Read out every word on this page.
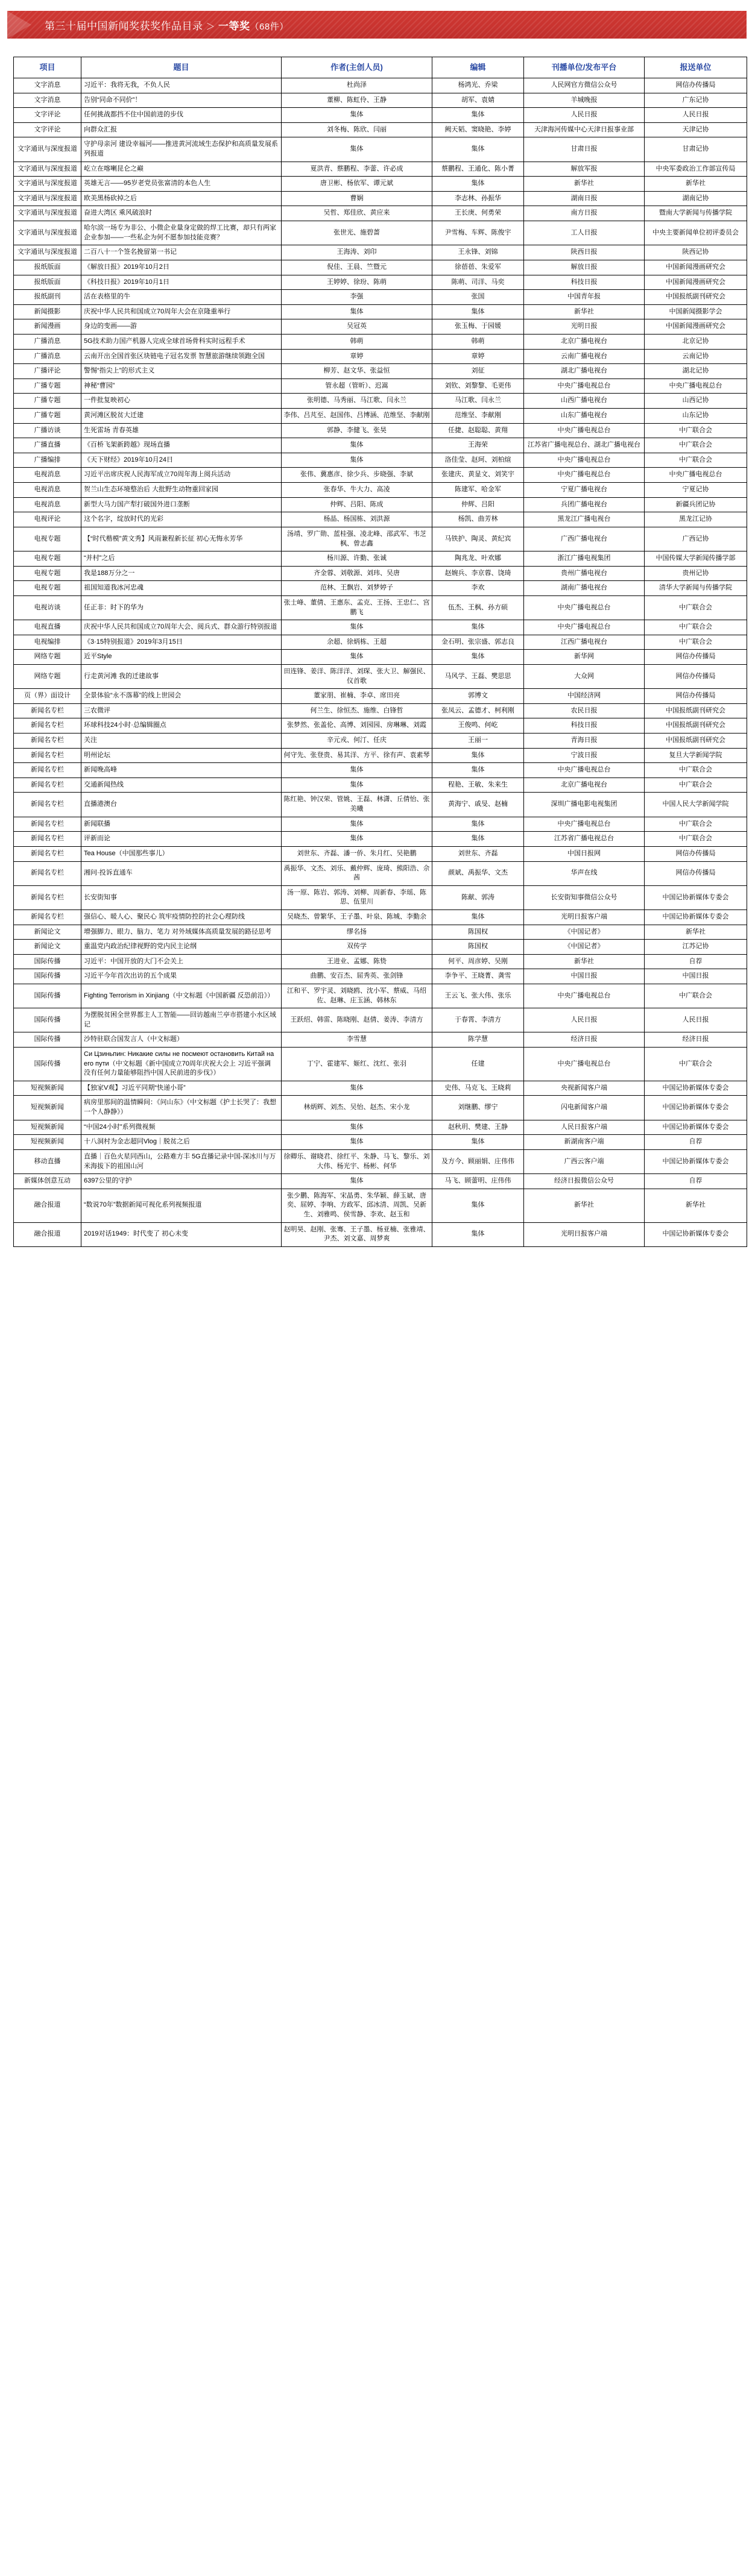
第三十届中国新闻奖获奖作品目录 ＞ 一等奖（68件）
项目	题目	作者(主创人员)	编辑	刊播单位/发布平台	报送单位
文字消息	习近平：我将无我，不负人民	杜尚泽	杨鸿光、乔梁	人民网官方微信公众号	网信办传播局
文字消息	告别“同命不同价”！	董柳、陈虹伶、王静	胡军、袁婧	羊城晚报	广东记协
文字评论	任何挑战都挡不住中国前进的步伐	集体	集体	人民日报	人民日报
文字评论	向群众汇报	刘冬梅、陈欣、闫丽	阙天韬、窦晓艳、李婷	天津海河传媒中心天津日报事业部	天津记协
文字通讯与深度报道	守护母亲河 建设幸福河——推进黄河流域生态保护和高质量发展系列报道	集体	集体	甘肃日报	甘肃记协
文字通讯与深度报道	屹立在喀喇昆仑之巅	夏洪青、蔡鹏程、李蕾、许必成	蔡鹏程、王通化、陈小菁	解放军报	中央军委政治工作部宣传局
文字通讯与深度报道	英雄无言——95岁老党员张富清的本色人生	唐卫彬、杨依军、谭元斌	集体	新华社	新华社
文字通讯与深度报道	欧美黑杨砍掉之后	曹娴	李志林、孙振华	湖南日报	湖南记协
文字通讯与深度报道	奋进大湾区 乘风破浪时	吴哲、郑佳欣、黄应来	王长庚、何勇荣	南方日报	暨南大学新闻与传播学院
文字通讯与深度报道	哈尔滨一场专为非公、小微企业量身定做的焊工比赛，却只有两家企业参加——一些私企为何不愿参加技能竞赛？	张世光、施碧蔷	尹雪梅、车辉、陈俊宇	工人日报	中央主要新闻单位初评委员会
文字通讯与深度报道	二百八十一个签名挽留第一书记	王海涛、刘印	王永锋、刘锦	陕西日报	陕西记协
报纸版面	《解放日报》2019年10月2日	倪佳、王晨、竺暨元	徐蓓蓓、朱爱军	解放日报	中国新闻漫画研究会
报纸版面	《科技日报》2019年10月1日	王婷婷、徐玢、陈萌	陈萌、司洋、马奕	科技日报	中国新闻漫画研究会
报纸副刊	活在表格里的牛	李强	张国	中国青年报	中国报纸副刊研究会
新闻摄影	庆祝中华人民共和国成立70周年大会在京隆重举行	集体	集体	新华社	中国新闻摄影学会
新闻漫画	身边的变画——游	吴冠英	张玉梅、于园媛	光明日报	中国新闻漫画研究会
广播消息	5G技术助力国产机器人完成全球首场骨科实时远程手术	韩萌	韩萌	北京广播电视台	北京记协
广播消息	云南开出全国首张区块链电子冠名发票 智慧旅游继续领跑全国	章婷	章婷	云南广播电视台	云南记协
广播评论	警惕“指尖上”的形式主义	柳芳、赵文华、张益恒	刘征	湖北广播电视台	湖北记协
广播专题	神秘“曹园”	管永超（管昕）、迟嵩	刘钦、刘黎黎、毛更伟	中央广播电视总台	中央广播电视总台
广播专题	一件批复映初心	张明德、马秀丽、马江歌、闫永兰	马江歌、闫永兰	山西广播电视台	山西记协
广播专题	黄河滩区脱贫大迁建	李伟、吕芃至、赵国伟、吕博涵、范维坚、李献刚	范维坚、李献刚	山东广播电视台	山东记协
广播访谈	生死雷场 青春英雄	郭静、李健飞、张昊	任捷、赵聪聪、黄翔	中央广播电视总台	中广联合会
广播直播	《百桥飞架新跨越》现场直播	集体	王海荣	江苏省广播电视总台、湖北广播电视台	中广联合会
广播编排	《天下财经》2019年10月24日	集体	洛佳莹、赵珂、刘柏煊	中央广播电视总台	中广联合会
电视消息	习近平出席庆祝人民海军成立70周年海上阅兵活动	张伟、冀惠彦、徐少兵、步晓强、李斌	张建庆、黄显文、刘笑宇	中央广播电视总台	中央广播电视总台
电视消息	贺兰山生态环境整治后 大批野生动物重回家园	张春华、牛大力、高凌	陈建军、哈金军	宁夏广播电视台	宁夏记协
电视消息	新型大马力国产犁打破国外进口垄断	仲辉、吕阳、陈成	仲辉、吕阳	兵团广播电视台	新疆兵团记协
电视评论	这个名字，绽放时代的光彩	杨晶、杨国栋、刘洪源	杨凯、曲芳林	黑龙江广播电视台	黑龙江记协
电视专题	【“时代楷模”黄文秀】风雨兼程新长征 初心无悔永芳华	汤靖、罗广勋、蓝桂强、凌北峰、邵武军、韦芝枫、曾志鑫	马铁护、陶灵、黄纪宾	广西广播电视台	广西记协
电视专题	“并村”之后	杨川源、许勤、张诚	陶兆龙、叶欢娜	浙江广播电视集团	中国传媒大学新闻传播学部
电视专题	我是188万分之一	齐金蓉、刘敬源、刘玮、吴唐	赵婉兵、李京蓉、饶琦	贵州广播电视台	贵州记协
电视专题	祖国知道我冰河忠魂	范林、王飘岩、刘梦婷子	李欢	湖南广播电视台	清华大学新闻与传播学院
电视访谈	任正非：时下的华为	张士峰、董倩、王惠东、孟克、王扬、王忠仁、宫鹏飞	伍杰、王枫、孙方硕	中央广播电视总台	中广联合会
电视直播	庆祝中华人民共和国成立70周年大会、阅兵式、群众游行特别报道	集体	集体	中央广播电视总台	中广联合会
电视编排	《3·15特别报道》2019年3月15日	余超、徐炳栋、王超	金石明、张宗盛、郭志良	江西广播电视台	中广联合会
网络专题	近平Style	集体	集体	新华网	网信办传播局
网络专题	行走黄河滩 我的迁建故事	田连锋、姜洋、陈洋洋、刘琛、张大卫、解强民、仪首歌	马风学、王磊、樊思思	大众网	网信办传播局
页（界）面设计	全景体验“永不落幕”的线上世园会	董家朋、崔楠、李卓、席田亮	郭博文	中国经济网	网信办传播局
新闻名专栏	三农微评	何兰生、徐恒杰、施维、白锋哲	张凤云、孟德才、柯利刚	农民日报	中国报纸副刊研究会
新闻名专栏	环球科技24小时·总编辑圈点	张梦然、张盖伦、高博、刘园园、房琳琳、刘霞	王俊鸣、何屹	科技日报	中国报纸副刊研究会
新闻名专栏	关注	辛元戎、何汀、任庆	王丽一	青海日报	中国报纸副刊研究会
新闻名专栏	明州论坛	何守先、张登贵、易其洋、方平、徐有声、袁素琴	集体	宁波日报	复旦大学新闻学院
新闻名专栏	新闻晚高峰	集体	集体	中央广播电视总台	中广联合会
新闻名专栏	交通新闻热线	集体	程艳、王敏、朱来生	北京广播电视台	中广联合会
新闻名专栏	直播港澳台	陈红艳、钟汉荣、管姚、王磊、林潇、丘倩怡、张美曦	黄海宁、戚旻、赵楠	深圳广播电影电视集团	中国人民大学新闻学院
新闻名专栏	新闻联播	集体	集体	中央广播电视总台	中广联合会
新闻名专栏	评新而论	集体	集体	江苏省广播电视总台	中广联合会
新闻名专栏	Tea House（中国那些事儿）	刘世东、齐磊、潘一侨、朱月红、吴艳鹏	刘世东、齐磊	中国日报网	网信办传播局
新闻名专栏	湘问·投诉直通车	禹振华、文杰、刘乐、戴仲辉、庞琦、熊阳浩、佘茜	颜斌、禹振华、文杰	华声在线	网信办传播局
新闻名专栏	长安街知事	汤一原、陈岩、郭涛、刘柳、周新春、李瑶、陈思、伍里川	陈献、郭涛	长安街知事微信公众号	中国记协新媒体专委会
新闻名专栏	强信心、暖人心、聚民心 筑牢疫情防控的社会心理防线	吴晓杰、曾繁华、王子墨、叶泉、陈城、李勤余	集体	光明日报客户端	中国记协新媒体专委会
新闻论文	增强脚力、眼力、脑力、笔力 对外域媒体高质量发展的路径思考	缪名扬	陈国权	《中国记者》	新华社
新闻论文	重温党内政治纪律视野的党内民主论纲	双传学	陈国权	《中国记者》	江苏记协
国际传播	习近平：中国开放的大门不会关上	王进业、孟娜、陈贽	何平、周彦婷、吴刚	新华社	自荐
国际传播	习近平今年首次出访的五个成果	曲鹏、安百杰、屈秀英、张剑锋	李争平、王晓菁、龚雪	中国日报	中国日报
国际传播	Fighting Terrorism in Xinjiang（中文标题《中国新疆 反恐前沿》）	江和平、罗宇灵、刘晓鸥、沈小军、蔡威、马绍佐、赵琳、庄玉涵、韩林东	王云飞、张大伟、张乐	中央广播电视总台	中广联合会
国际传播	为摆脱贫困全世界都主人工智能——回访越南兰亭市搭建小水区域记	王跃绍、韩雷、陈晓刚、赵倩、姜涛、李清方	于春霄、李清方	人民日报	人民日报
国际传播	沙特驻联合国发言人（中文标题）	李雪慧	陈学慧	经济日报	经济日报
国际传播	Си Цзиньпин: Никакие силы не посмеют остановить Китай на его пути（中文标题《新中国成立70周年庆祝大会上 习近平强调 没有任何力量能够阻挡中国人民前进的步伐》）	丁宁、霍建军、姬红、沈红、张羽	任建	中央广播电视总台	中广联合会
短视频新闻	【独家V观】习近平同期“快递小哥”	集体	史伟、马克飞、王晓莉	央视新闻客户端	中国记协新媒体专委会
短视频新闻	病房里那间的温情瞬间：《问山东》（中文标题《护士长哭了：我想一个人静静》）	林炳辉、刘杰、吴怡、赵杰、宋小龙	刘继鹏、缪宁	闪电新闻客户端	中国记协新媒体专委会
短视频新闻	“中国24小时”系列微视频	集体	赵秋玥、樊建、王静	人民日报客户端	中国记协新媒体专委会
短视频新闻	十八洞村为金志超同Vlog｜脱贫之后	集体	集体	新湖南客户端	自荐
移动直播	直播｜百色火星同西山，公路难方丰 5G直播记录中国-深冰川与万米海拔下的祖国山河	徐卿乐、谢晓君、徐红平、朱静、马飞、黎乐、刘大伟、杨光宇、杨彬、何华	及方今、顾丽娟、庄伟伟	广西云客户端	中国记协新媒体专委会
新媒体创意互动	6397公里的守护	集体	马飞、顾蕾明、庄伟伟	经济日报微信公众号	自荐
融合报道	“数说70年”数据新闻可视化系列视频报道	张少鹏、陈海军、宋晶勇、朱华颖、薛玉斌、唐奕、屈婷、李响、方政军、邱冰清、周凯、吴新生、刘雅鸣、侯雪静、李欢、赵玉和	集体	新华社	新华社
融合报道	2019对话1949：时代变了 初心未变	赵明昊、赵刚、张骞、王子墨、杨亚楠、张雅靖、尹杰、刘文嘉、周梦爽	集体	光明日报客户端	中国记协新媒体专委会
